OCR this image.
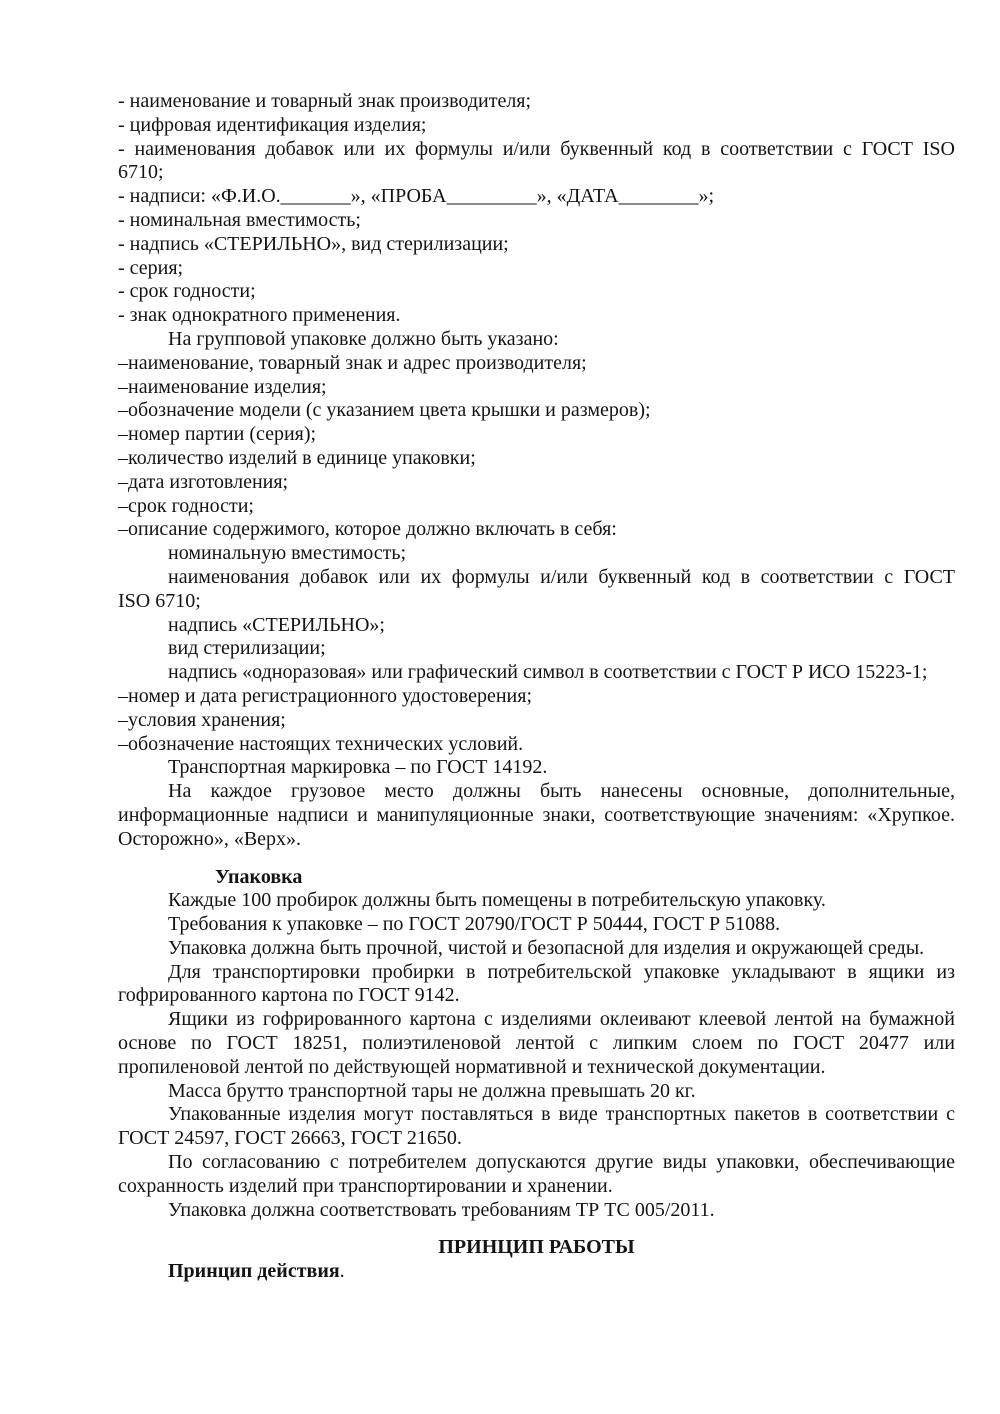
- наименование и товарный знак производителя;
- цифровая идентификация изделия;
- наименования добавок или их формулы и/или буквенный код в соответствии с ГОСТ ISO
6710;
- надписи: «Ф.И.О._______», «ПРОБА_________», «ДАТА________»;
- номинальная вместимость;
- надпись «СТЕРИЛЬНО», вид стерилизации;
- серия;
- срок годности;
- знак однократного применения.
На групповой упаковке должно быть указано:
–наименование, товарный знак и адрес производителя;
–наименование изделия;
–обозначение модели (с указанием цвета крышки и размеров);
–номер партии (серия);
–количество изделий в единице упаковки;
–дата изготовления;
–срок годности;
–описание содержимого, которое должно включать в себя:
номинальную вместимость;
наименования добавок или их формулы и/или буквенный код в соответствии с ГОСТ
ISO 6710;
надпись «СТЕРИЛЬНО»;
вид стерилизации;
надпись «одноразовая» или графический символ в соответствии с ГОСТ Р ИСО 15223-1;
–номер и дата регистрационного удостоверения;
–условия хранения;
–обозначение настоящих технических условий.
Транспортная маркировка – по ГОСТ 14192.
На каждое грузовое место должны быть нанесены основные, дополнительные,
информационные надписи и манипуляционные знаки, соответствующие значениям: «Хрупкое.
Осторожно», «Верх».
Упаковка
Каждые 100 пробирок должны быть помещены в потребительскую упаковку.
Требования к упаковке – по ГОСТ 20790/ГОСТ Р 50444, ГОСТ Р 51088.
Упаковка должна быть прочной, чистой и безопасной для изделия и окружающей среды.
Для транспортировки пробирки в потребительской упаковке укладывают в ящики из
гофрированного картона по ГОСТ 9142.
Ящики из гофрированного картона с изделиями оклеивают клеевой лентой на бумажной
основе по ГОСТ 18251, полиэтиленовой лентой с липким слоем по ГОСТ 20477 или
пропиленовой лентой по действующей нормативной и технической документации.
Масса брутто транспортной тары не должна превышать 20 кг.
Упакованные изделия могут поставляться в виде транспортных пакетов в соответствии с
ГОСТ 24597, ГОСТ 26663, ГОСТ 21650.
По согласованию с потребителем допускаются другие виды упаковки, обеспечивающие
сохранность изделий при транспортировании и хранении.
Упаковка должна соответствовать требованиям ТР ТС 005/2011.
ПРИНЦИП РАБОТЫ
Принцип действия.
